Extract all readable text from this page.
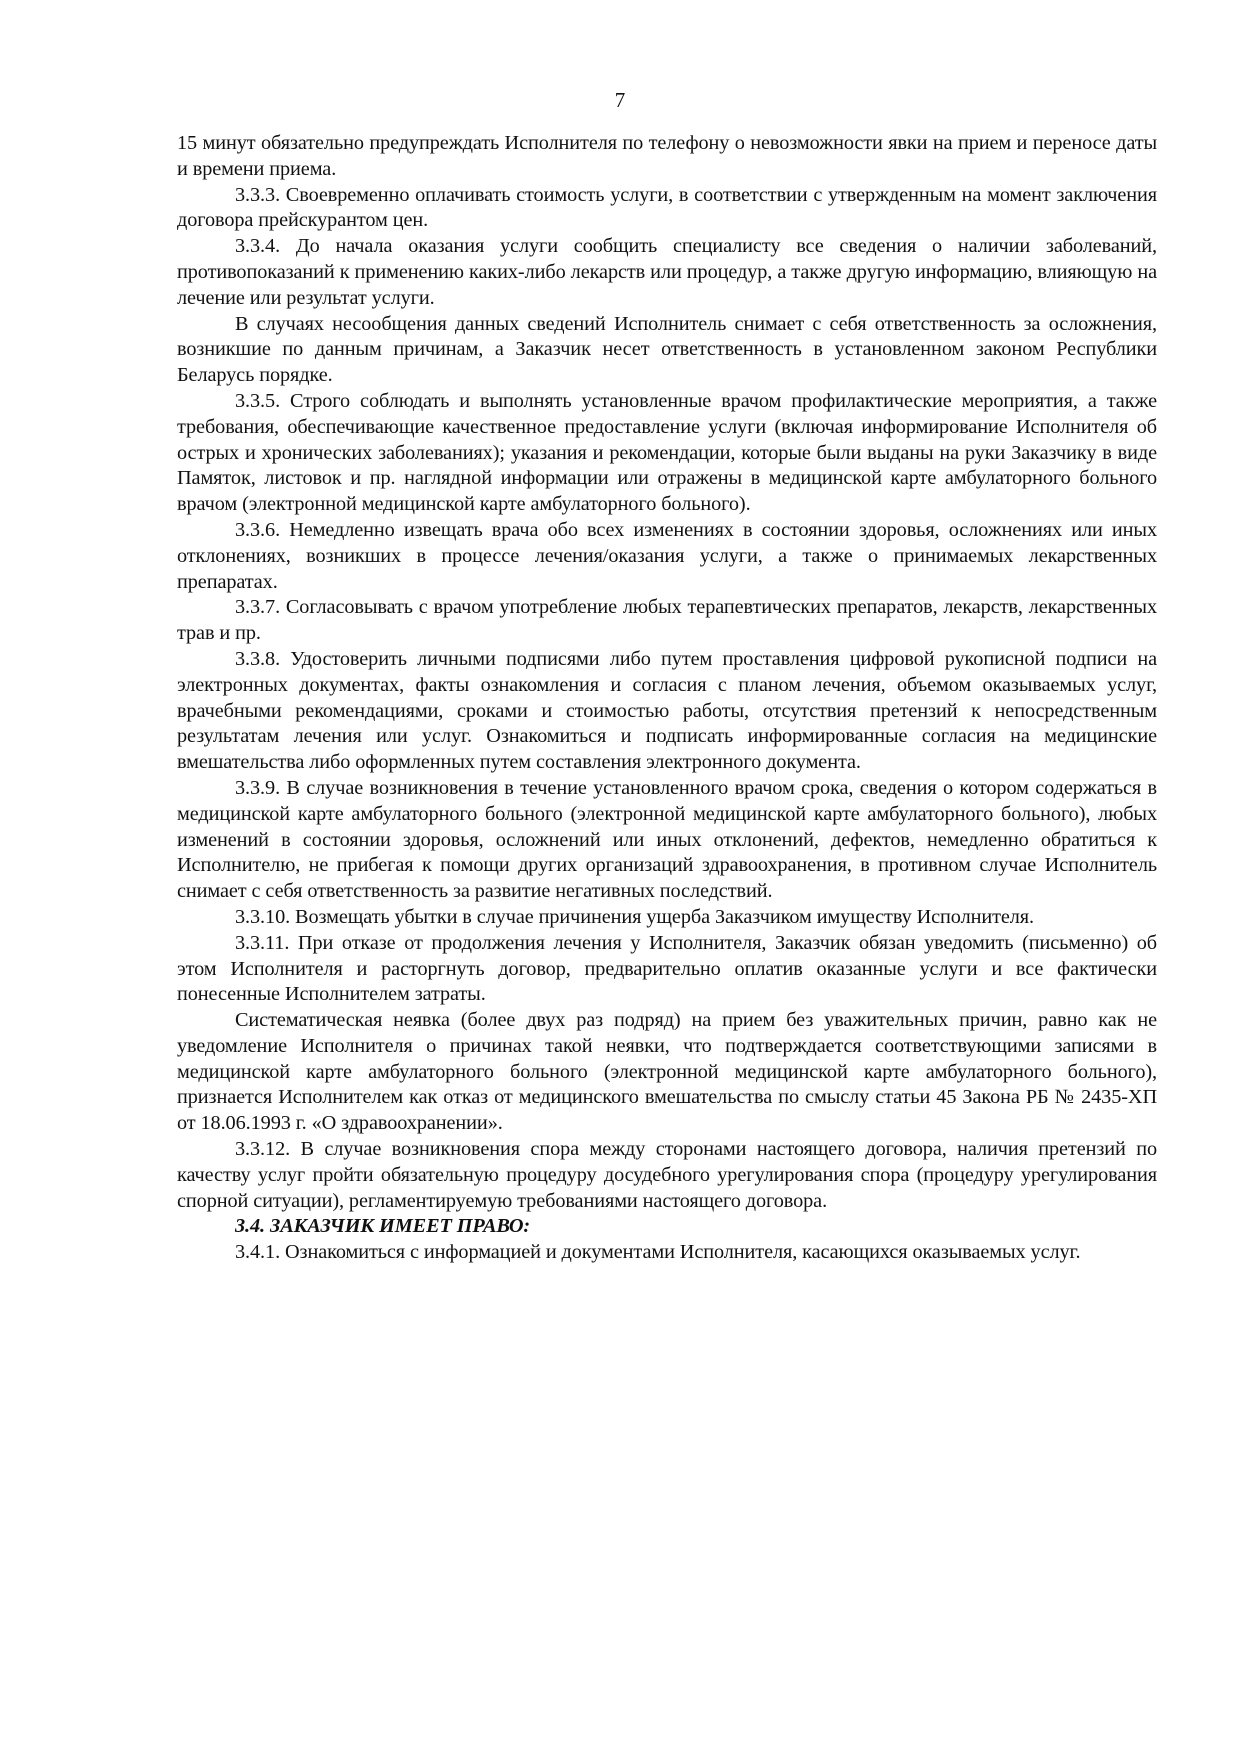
7

15 минут обязательно предупреждать Исполнителя по телефону о невозможности явки на прием и переносе даты и времени приема.

3.3.3. Своевременно оплачивать стоимость услуги, в соответствии с утвержденным на момент заключения договора прейскурантом цен.

3.3.4. До начала оказания услуги сообщить специалисту все сведения о наличии заболеваний, противопоказаний к применению каких-либо лекарств или процедур, а также другую информацию, влияющую на лечение или результат услуги.

В случаях несообщения данных сведений Исполнитель снимает с себя ответственность за осложнения, возникшие по данным причинам, а Заказчик несет ответственность в установленном законом Республики Беларусь порядке.

3.3.5. Строго соблюдать и выполнять установленные врачом профилактические мероприятия, а также требования, обеспечивающие качественное предоставление услуги (включая информирование Исполнителя об острых и хронических заболеваниях); указания и рекомендации, которые были выданы на руки Заказчику в виде Памяток, листовок и пр. наглядной информации или отражены в медицинской карте амбулаторного больного врачом (электронной медицинской карте амбулаторного больного).

3.3.6. Немедленно извещать врача обо всех изменениях в состоянии здоровья, осложнениях или иных отклонениях, возникших в процессе лечения/оказания услуги, а также о принимаемых лекарственных препаратах.

3.3.7. Согласовывать с врачом употребление любых терапевтических препаратов, лекарств, лекарственных трав и пр.

3.3.8. Удостоверить личными подписями либо путем проставления цифровой рукописной подписи на электронных документах, факты ознакомления и согласия с планом лечения, объемом оказываемых услуг, врачебными рекомендациями, сроками и стоимостью работы, отсутствия претензий к непосредственным результатам лечения или услуг. Ознакомиться и подписать информированные согласия на медицинские вмешательства либо оформленных путем составления электронного документа.

3.3.9. В случае возникновения в течение установленного врачом срока, сведения о котором содержаться в медицинской карте амбулаторного больного (электронной медицинской карте амбулаторного больного), любых изменений в состоянии здоровья, осложнений или иных отклонений, дефектов, немедленно обратиться к Исполнителю, не прибегая к помощи других организаций здравоохранения, в противном случае Исполнитель снимает с себя ответственность за развитие негативных последствий.

3.3.10. Возмещать убытки в случае причинения ущерба Заказчиком имуществу Исполнителя.

3.3.11. При отказе от продолжения лечения у Исполнителя, Заказчик обязан уведомить (письменно) об этом Исполнителя и расторгнуть договор, предварительно оплатив оказанные услуги и все фактически понесенные Исполнителем затраты.

Систематическая неявка (более двух раз подряд) на прием без уважительных причин, равно как не уведомление Исполнителя о причинах такой неявки, что подтверждается соответствующими записями в медицинской карте амбулаторного больного (электронной медицинской карте амбулаторного больного), признается Исполнителем как отказ от медицинского вмешательства по смыслу статьи 45 Закона РБ № 2435-ХП от 18.06.1993 г. «О здравоохранении».

3.3.12. В случае возникновения спора между сторонами настоящего договора, наличия претензий по качеству услуг пройти обязательную процедуру досудебного урегулирования спора (процедуру урегулирования спорной ситуации), регламентируемую требованиями настоящего договора.

3.4. ЗАКАЗЧИК ИМЕЕТ ПРАВО:

3.4.1. Ознакомиться с информацией и документами Исполнителя, касающихся оказываемых услуг.
